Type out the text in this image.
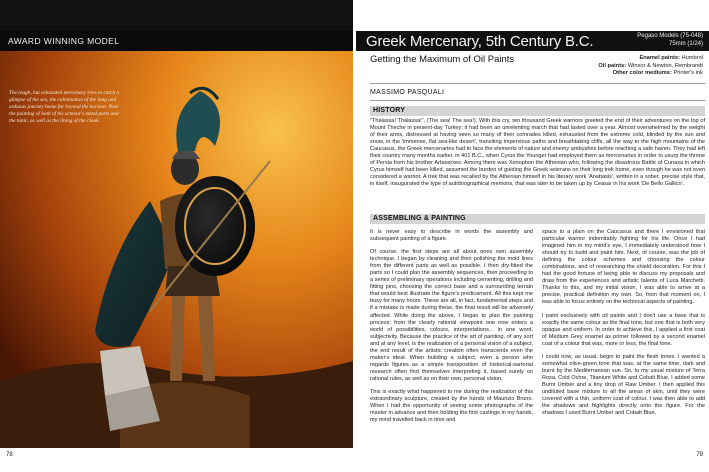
AWARD WINNING MODEL
The tough, but exhausted mercenary tries to catch a glimpse of the sea, the culmination of the long and arduous journey home far beyond the horizon. Note the painting of both of his armour's metal parts and the tunic, as well as the lining of the cloak.
78
Greek Mercenary, 5th Century B.C.	Pegaso Models (75-048)
75mm (1/24)
Getting the Maximum of Oil Paints	Enamel paints: Humbrol
Oil paints: Winsor & Newton, Rembrandt
Other color mediums: Printer's ink
MASSIMO PASQUALI
HISTORY

"Thalassa! Thalassa!", (The sea! The sea!). With this cry, ten thousand Greek warriors greeted the end of their adventures on the top of Mount Theche in present-day Turkey; it had been an unrelenting march that had lasted over a year. Almost overwhelmed by the weight of their arms, distressed at having seen so many of their comrades killed, exhausted from the extreme cold, blinded by the sun and snow, in the 'immense, flat sea-like desert', transiting impervious paths and breathtaking cliffs, all the way to the high mountains of the Caucasus, the Greek mercenaries had to face the elements of nature and enemy ambushes before reaching a safe haven. They had left their country many months earlier, in 401 B.C., when Cyrus the Younger had employed them as mercenaries in order to usurp the throne of Persia from his brother Artaxerxes. Among them was Xenophon the Athenian who, following the disastrous Battle of Cunaxa in which Cyrus himself had been killed, assumed the burden of guiding the Greek veterans on their long trek home, even though he was not even considered a warrior. A trek that was recalled by the Athenian himself in his literary work 'Anabasis', written in a sober, precise style that, in itself, inaugurated the type of autobiographical memoirs, that was later to be taken up by Ceasar in his work 'De Bello Gallico'.

ASSEMBLING & PAINTING

It is never easy to describe in words the assembly and subsequent painting of a figure.

Of course, the first steps are all about ones own assembly technique. I began by cleaning and then polishing the mold lines from the different parts as well as possible. I then dry-fitted the parts so I could plan the assembly sequences, then proceeding to a series of preliminary operations including cementing, drilling and fitting pins, choosing the correct base and a surrounding terrain that would best illustrate the figure's predicament. All this kept me busy for many hours. These are all, in fact, fundamental steps and if a mistake is made during these, the final result will be adversely affected. While doing the above, I began to plan the painting process; from the clearly rational viewpoint one now enters a world of possibilities, colours, interpretations... in one word, subjectivity. Because the practice of the art of painting, of any sort and at any level, is the realization of a personal vision of a subject, the end result of the artistic creation often transcends even the maker's ideal. When building a subject, even a person who regards figures as a simple transposition of historical-sartorial research often find themselves interpreting it, based surely on rational rules, as well as on their own, personal vision.

This is exactly what happened to me during the realization of this extraordinary sculpture, created by the hands of Maurizio Bruno. When I had the opportunity of seeing some photographs of the master in advance and then holding the first castings in my hands, my mind travelled back in time and

space to a plain on the Caucasus and there I envisioned that particular warrior indomitably fighting for his life. Once I had imagined him in my mind's eye, I immediately understood how I should try to build and paint him. Next, of course, was the job of defining the colour schemes and choosing the colour combinations, and of researching the shield decoration. For this I had the good fortune of being able to discuss my proposals and draw from the experiences and artistic talents of Luca Marchetti. Thanks to this, and my initial vision, I was able to arrive at a precise, practical definition my own. So, from that moment on, I was able to focus entirely on the technical aspects of painting.

I paint exclusively with oil paints and I don't use a base that is exactly the same colour as the final tone, but one that is both very opaque and uniform. In order to achieve this, I applied a first coat of Medium Grey enamel as primer followed by a second enamel coat of a colour that was, more or less, the final tone.

I could now, as usual, begin to paint the flesh tones. I wanted a somewhat olive-green tone that was, at the same time, dark and burnt by the Mediterranean sun. So, to my usual mixture of Terra Rosa, Cold Ochre, Titanium White and Cobalt Blue, I added some Burnt Umber and a tiny drop of Raw Umber. I then applied this undiluted base mixture to all the areas of skin, until they were covered with a thin, uniform coat of colour. I was then able to add the shadows and highlights directly onto the figure. For the shadows I used Burnt Umber and Cobalt Blue,

79
